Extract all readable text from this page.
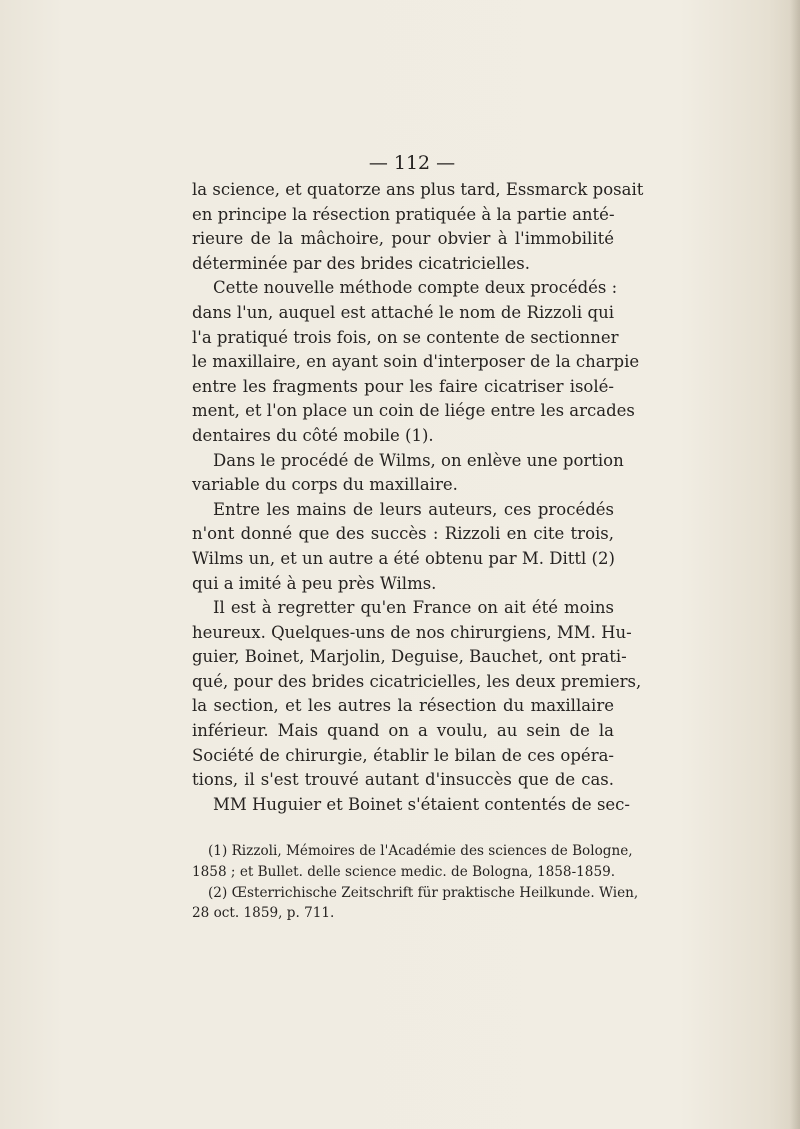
— 112 —
la science, et quatorze ans plus tard, Essmarck posait
en principe la résection pratiquée à la partie anté-
rieure de la mâchoire, pour obvier à l'immobilité
déterminée par des brides cicatricielles.
Cette nouvelle méthode compte deux procédés :
dans l'un, auquel est attaché le nom de Rizzoli qui
l'a pratiqué trois fois, on se contente de sectionner
le maxillaire, en ayant soin d'interposer de la charpie
entre les fragments pour les faire cicatriser isolé-
ment, et l'on place un coin de liége entre les arcades
dentaires du côté mobile (1).
Dans le procédé de Wilms, on enlève une portion
variable du corps du maxillaire.
Entre les mains de leurs auteurs, ces procédés
n'ont donné que des succès : Rizzoli en cite trois,
Wilms un, et un autre a été obtenu par M. Dittl (2)
qui a imité à peu près Wilms.
Il est à regretter qu'en France on ait été moins
heureux. Quelques-uns de nos chirurgiens, MM. Hu-
guier, Boinet, Marjolin, Deguise, Bauchet, ont prati-
qué, pour des brides cicatricielles, les deux premiers,
la section, et les autres la résection du maxillaire
inférieur. Mais quand on a voulu, au sein de la
Société de chirurgie, établir le bilan de ces opéra-
tions, il s'est trouvé autant d'insuccès que de cas.
MM Huguier et Boinet s'étaient contentés de sec-
(1) Rizzoli, Mémoires de l'Académie des sciences de Bologne,
1858 ; et Bullet. delle science medic. de Bologna, 1858-1859.
(2) Œsterrichische Zeitschrift für praktische Heilkunde. Wien,
28 oct. 1859, p. 711.
